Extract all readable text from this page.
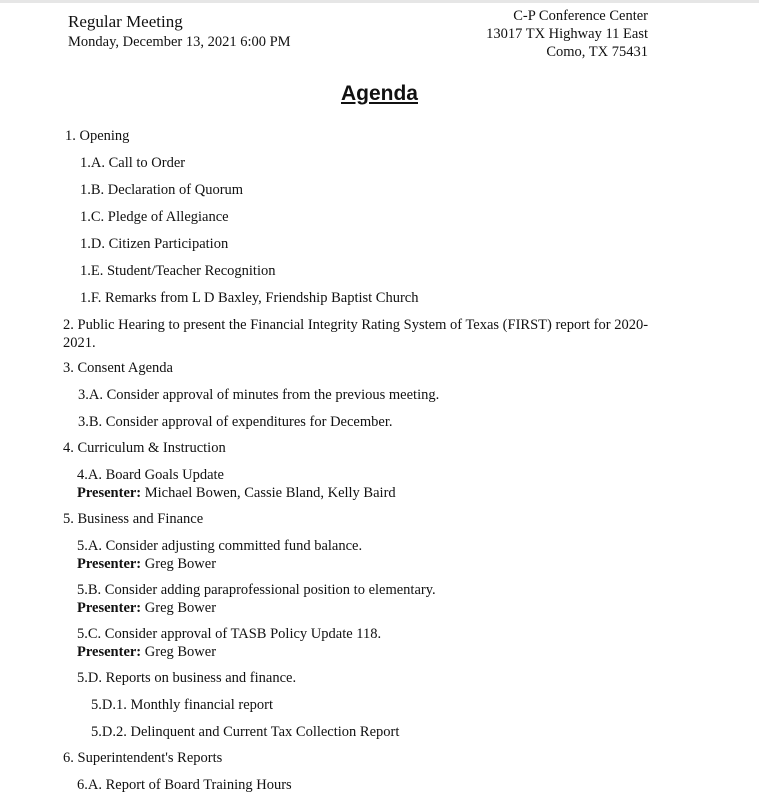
Regular Meeting
Monday, December 13, 2021 6:00 PM
C-P Conference Center
13017 TX Highway 11 East
Como, TX 75431
Agenda
1. Opening
1.A. Call to Order
1.B. Declaration of Quorum
1.C. Pledge of Allegiance
1.D. Citizen Participation
1.E. Student/Teacher Recognition
1.F. Remarks from L D Baxley, Friendship Baptist Church
2. Public Hearing to present the Financial Integrity Rating System of Texas (FIRST) report for 2020-2021.
3. Consent Agenda
3.A. Consider approval of minutes from the previous meeting.
3.B. Consider approval of expenditures for December.
4. Curriculum & Instruction
4.A. Board Goals Update
Presenter: Michael Bowen, Cassie Bland, Kelly Baird
5. Business and Finance
5.A. Consider adjusting committed fund balance.
Presenter: Greg Bower
5.B. Consider adding paraprofessional position to elementary.
Presenter: Greg Bower
5.C. Consider approval of TASB Policy Update 118.
Presenter: Greg Bower
5.D. Reports on business and finance.
5.D.1. Monthly financial report
5.D.2. Delinquent and Current Tax Collection Report
6. Superintendent's Reports
6.A. Report of Board Training Hours
